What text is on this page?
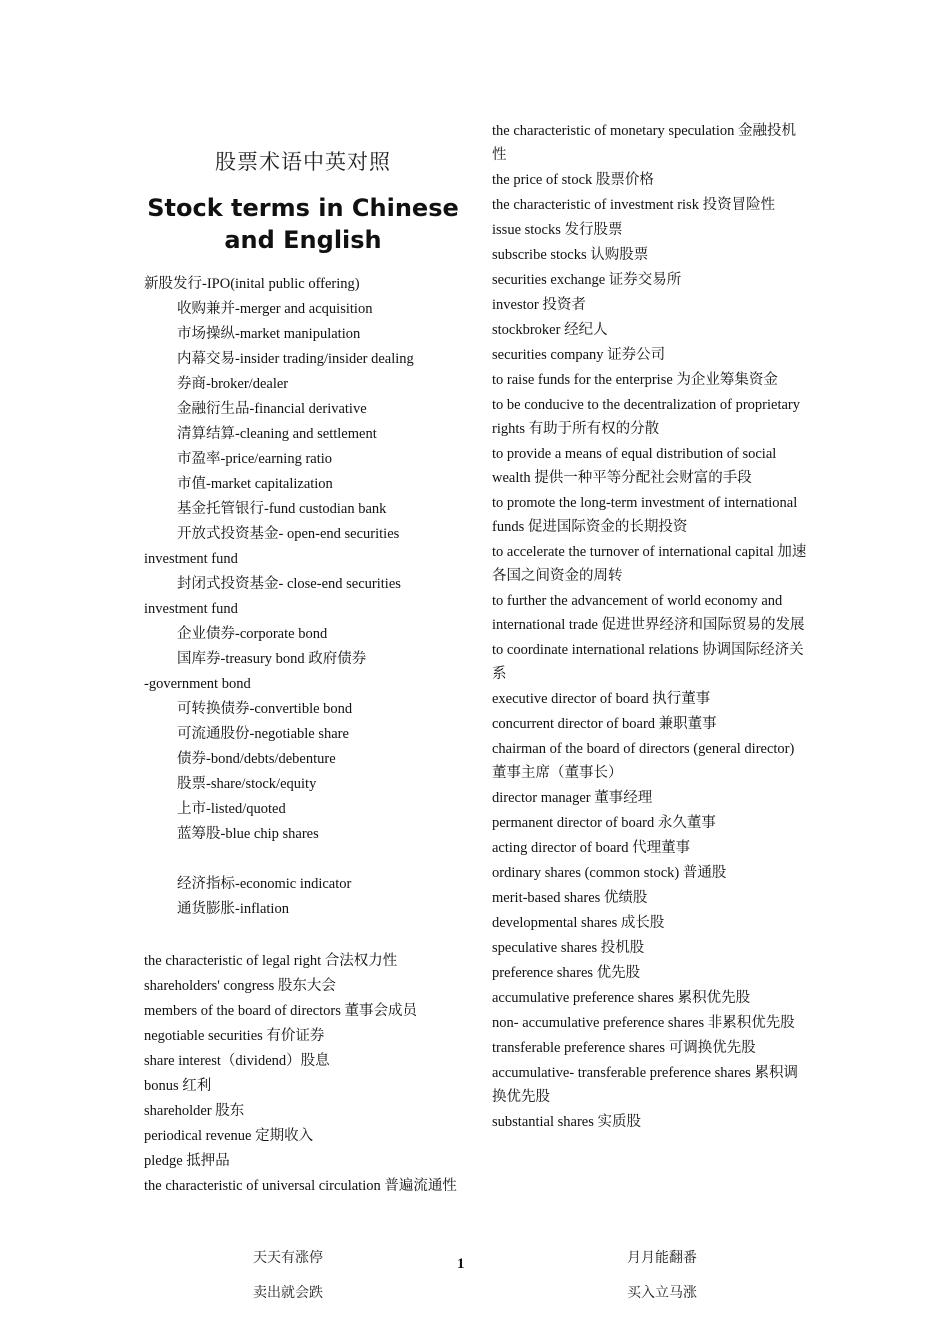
股票术语中英对照
Stock terms in Chinese and English
新股发行-IPO(inital public offering)
收购兼并-merger and acquisition
市场操纵-market manipulation
内幕交易-insider trading/insider dealing
券商-broker/dealer
金融衍生品-financial derivative
清算结算-cleaning and settlement
市盈率-price/earning ratio
市值-market capitalization
基金托管银行-fund custodian bank
开放式投资基金- open-end securities
investment fund
封闭式投资基金- close-end securities
investment fund
企业债券-corporate bond
国库券-treasury bond 政府债券
-government bond
可转换债券-convertible bond
可流通股份-negotiable share
债券-bond/debts/debenture
股票-share/stock/equity
上市-listed/quoted
蓝筹股-blue chip shares
经济指标-economic indicator
通货膨胀-inflation
the characteristic of legal right 合法权力性
shareholders' congress 股东大会
members of the board of directors 董事会成员
negotiable securities 有价证券
share interest（dividend）股息
bonus 红利
shareholder 股东
periodical revenue 定期收入
pledge 抵押品
the characteristic of universal circulation 普遍流通性
the characteristic of monetary speculation 金融投机性
the price of stock 股票价格
the characteristic of investment risk 投资冒险性
issue stocks 发行股票
subscribe stocks 认购股票
securities exchange 证券交易所
investor 投资者
stockbroker 经纪人
securities company 证券公司
to raise funds for the enterprise 为企业筹集资金
to be conducive to the decentralization of proprietary rights 有助于所有权的分散
to provide a means of equal distribution of social wealth 提供一种平等分配社会财富的手段
to promote the long-term investment of international funds 促进国际资金的长期投资
to accelerate the turnover of international capital 加速各国之间资金的周转
to further the advancement of world economy and international trade 促进世界经济和国际贸易的发展
to coordinate international relations 协调国际经济关系
executive director of board 执行董事
concurrent director of board 兼职董事
chairman of the board of directors (general director) 董事主席（董事长）
director manager 董事经理
permanent director of board 永久董事
acting director of board 代理董事
ordinary shares (common stock) 普通股
merit-based shares 优绩股
developmental shares 成长股
speculative shares 投机股
preference shares 优先股
accumulative preference shares 累积优先股
non- accumulative preference shares 非累积优先股
transferable preference shares 可调换优先股
accumulative- transferable preference shares 累积调换优先股
substantial shares 实质股
天天有涨停
卖出就会跌
月月能翻番
买入立马涨
1
